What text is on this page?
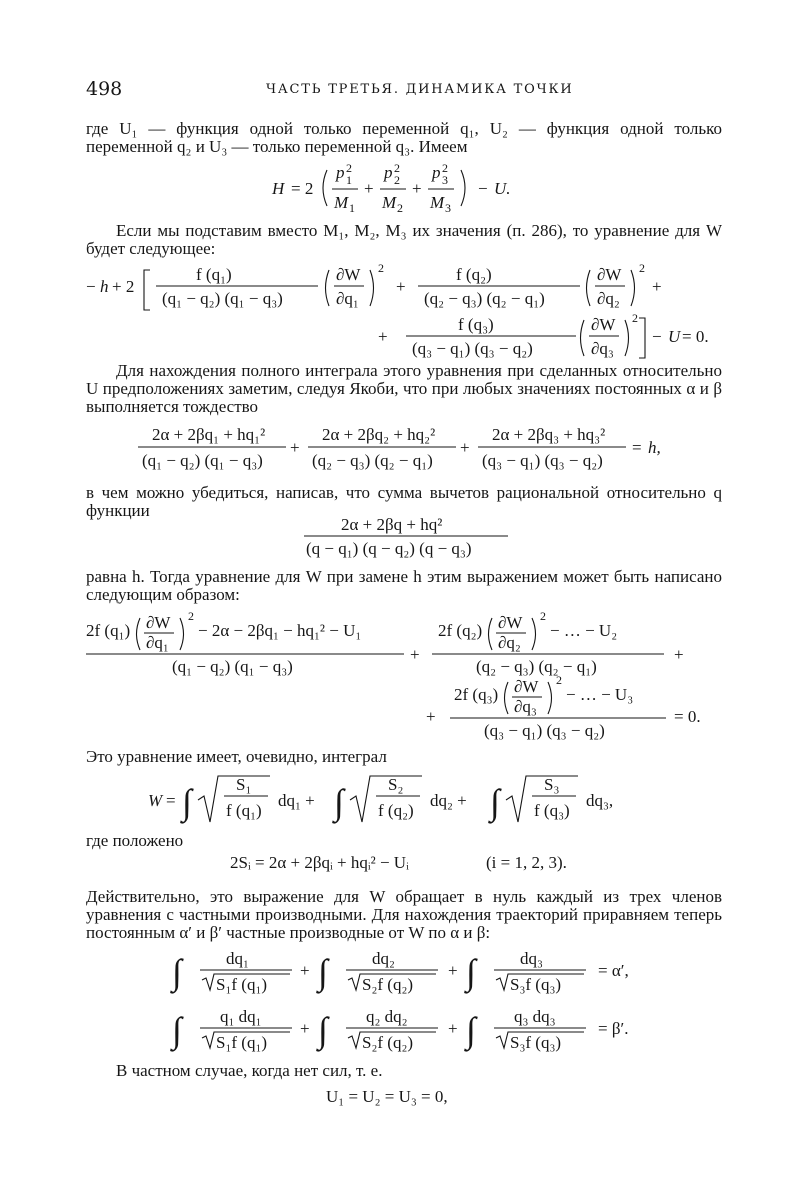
498	ЧАСТЬ ТРЕТЬЯ. ДИНАМИКА ТОЧКИ

где U₁ — функция одной только переменной q₁, U₂ — функция одной только переменной q₂ и U₃ — только переменной q₃. Имеем

H = 2
p 2
1
M 1
+
p 2
2
M 2
+
p 2
3
M 3
− U.

Если мы подставим вместо M₁, M₂, M₃ их значения (п. 286), то уравнение для W будет следующее:

− h + 2
f (q₁)
(q₁ − q₂) (q₁ − q₃)
∂W
∂q₁
2
+
f (q₂)
(q₂ − q₃) (q₂ − q₁)
∂W
∂q₂
2
+
+
f (q₃)
(q₃ − q₁) (q₃ − q₂)
∂W
∂q₃
2
− U = 0.

Для нахождения полного интеграла этого уравнения при сделанных относительно U предположениях заметим, следуя Якоби, что при любых значениях постоянных α и β выполняется тождество

2α + 2βq₁ + hq₁²
(q₁ − q₂) (q₁ − q₃)
+
2α + 2βq₂ + hq₂²
(q₂ − q₃) (q₂ − q₁)
+
2α + 2βq₃ + hq₃²
(q₃ − q₁) (q₃ − q₂)
= h,

в чем можно убедиться, написав, что сумма вычетов рациональной относительно q функции

2α + 2βq + hq²
(q − q₁) (q − q₂) (q − q₃)

равна h. Тогда уравнение для W при замене h этим выражением может быть написано следующим образом:

2f (q₁) ∂W
∂q₁
2
− 2α − 2βq₁ − hq₁² − U₁
(q₁ − q₂) (q₁ − q₃)
+
2f (q₂) ∂W
∂q₂
2
− … − U₂
(q₂ − q₃) (q₂ − q₁)
+
+
2f (q₃) ∂W
∂q₃
2
− … − U₃
(q₃ − q₁) (q₃ − q₂)
= 0.

Это уравнение имеет, очевидно, интеграл

W = ∫	S₁
f (q₁)
dq₁ + ∫	S₂
f (q₂)
dq₂ + ∫	S₃
f (q₃)
dq₃,

где положено

2Sᵢ = 2α + 2βqᵢ + hqᵢ² − Uᵢ	(i = 1, 2, 3).

Действительно, это выражение для W обращает в нуль каждый из трех членов уравнения с частными производными. Для нахождения траекторий приравняем теперь постоянным α′ и β′ частные производные от W по α и β:

∫	dq₁
S₁f (q₁)
+ ∫	dq₂
S₂f (q₂)
+ ∫	dq₃
S₃f (q₃)
= α′,
∫ q₁ dq₁
S₁f (q₁)
+ ∫ q₂ dq₂
S₂f (q₂)
+ ∫ q₃ dq₃
S₃f (q₃)
= β′.

В частном случае, когда нет сил, т. е.

U₁ = U₂ = U₃ = 0,
